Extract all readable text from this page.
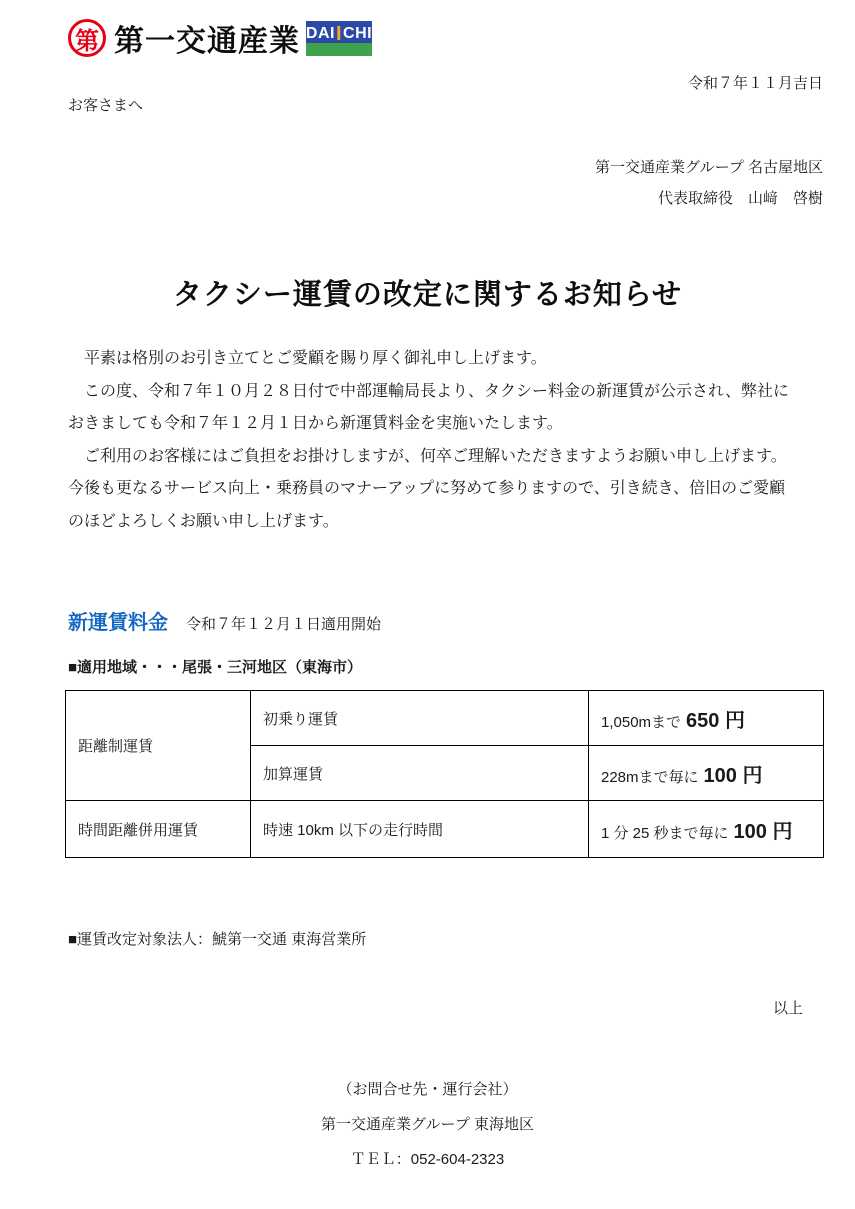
第 第一交通産業 DAI I CHI
令和７年１１月吉日
お客さまへ
第一交通産業グループ 名古屋地区
代表取締役　山﨑　啓樹
タクシー運賃の改定に関するお知らせ
　平素は格別のお引き立てとご愛顧を賜り厚く御礼申し上げます。
　この度、令和７年１０月２８日付で中部運輸局長より、タクシー料金の新運賃が公示され、弊社に
おきましても令和７年１２月１日から新運賃料金を実施いたします。
　ご利用のお客様にはご負担をお掛けしますが、何卒ご理解いただきますようお願い申し上げます。
今後も更なるサービス向上・乗務員のマナーアップに努めて参りますので、引き続き、倍旧のご愛顧
のほどよろしくお願い申し上げます。
新運賃料金 令和７年１２月１日適用開始
■適用地域・・・尾張・三河地区（東海市）
距離制運賃	初乗り運賃	1,050mまで 650 円
	加算運賃	228mまで毎に 100 円
時間距離併用運賃	時速 10km 以下の走行時間	1 分 25 秒まで毎に 100 円
■運賃改定対象法人：鯱第一交通 東海営業所
以上
（お問合せ先・運行会社）
第一交通産業グループ 東海地区
ＴＥＬ：052-604-2323
